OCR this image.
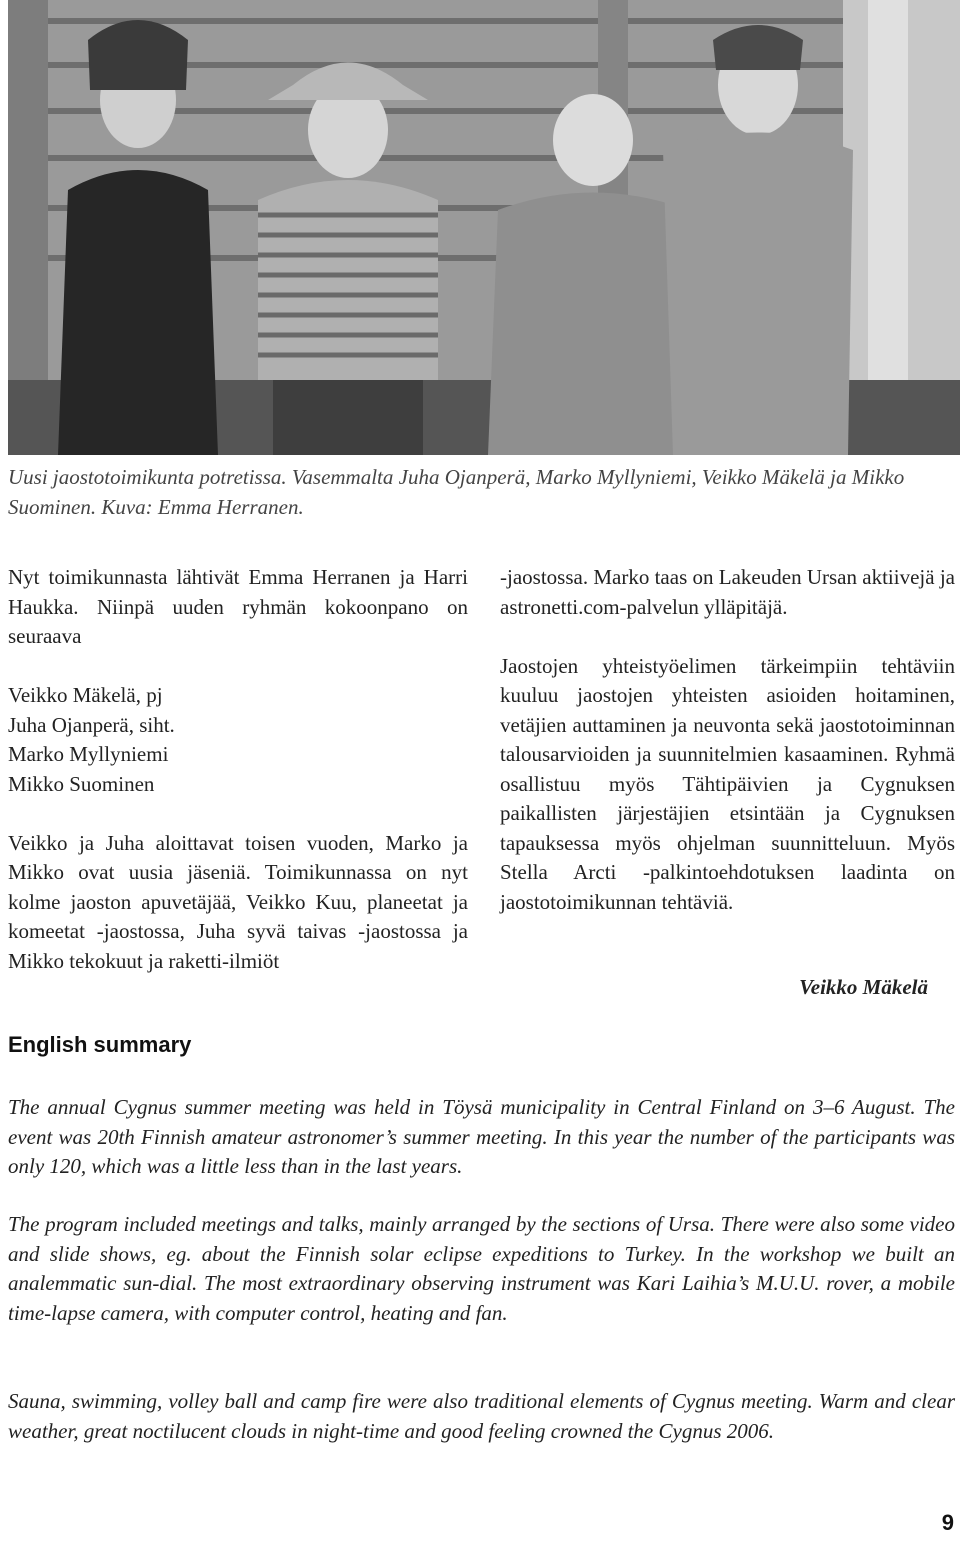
Uusi jaostotoimikunta potretissa. Vasemmalta Juha Ojanperä, Marko Myllyniemi, Veikko Mäkelä ja Mikko Suominen. Kuva: Emma Herranen.

Nyt toimikunnasta lähtivät Emma Herranen ja Harri Haukka. Niinpä uuden ryhmän kokoonpano on seuraava

Veikko Mäkelä, pj

Juha Ojanperä, siht.

Marko Myllyniemi

Mikko Suominen

Veikko ja Juha aloittavat toisen vuoden, Marko ja Mikko ovat uusia jäseniä. Toimikunnassa on nyt kolme jaoston apuvetäjää, Veikko Kuu, planeetat ja komeetat -jaostossa, Juha syvä taivas -jaostossa ja Mikko tekokuut ja raketti-ilmiöt

-jaostossa. Marko taas on Lakeuden Ursan aktiivejä ja astronetti.com-palvelun ylläpitäjä.

Jaostojen yhteistyöelimen tärkeimpiin tehtäviin kuuluu jaostojen yhteisten asioiden hoitaminen, vetäjien auttaminen ja neuvonta sekä jaostotoiminnan talousarvioiden ja suunnitelmien kasaaminen. Ryhmä osallistuu myös Tähtipäivien ja Cygnuksen paikallisten järjestäjien etsintään ja Cygnuksen tapauksessa myös ohjelman suunnitteluun. Myös Stella Arcti -palkintoehdotuksen laadinta on jaostotoimikunnan tehtäviä.

Veikko Mäkelä
English summary

The annual Cygnus summer meeting was held in Töysä municipality in Central Finland on 3–6 August. The event was 20th Finnish amateur astronomer’s summer meeting. In this year the number of the participants was only 120, which was a little less than in the last years.

The program included meetings and talks, mainly arranged by the sections of Ursa. There were also some video and slide shows, eg. about the Finnish solar eclipse expeditions to Turkey. In the workshop we built an analemmatic sun-dial. The most extraordinary observing instrument was Kari Laihia’s M.U.U. rover, a mobile time-lapse camera, with computer control, heating and fan.

Sauna, swimming, volley ball and camp fire were also traditional elements of Cygnus meeting. Warm and clear weather, great noctilucent clouds in night-time and good feeling crowned the Cygnus 2006.

9
